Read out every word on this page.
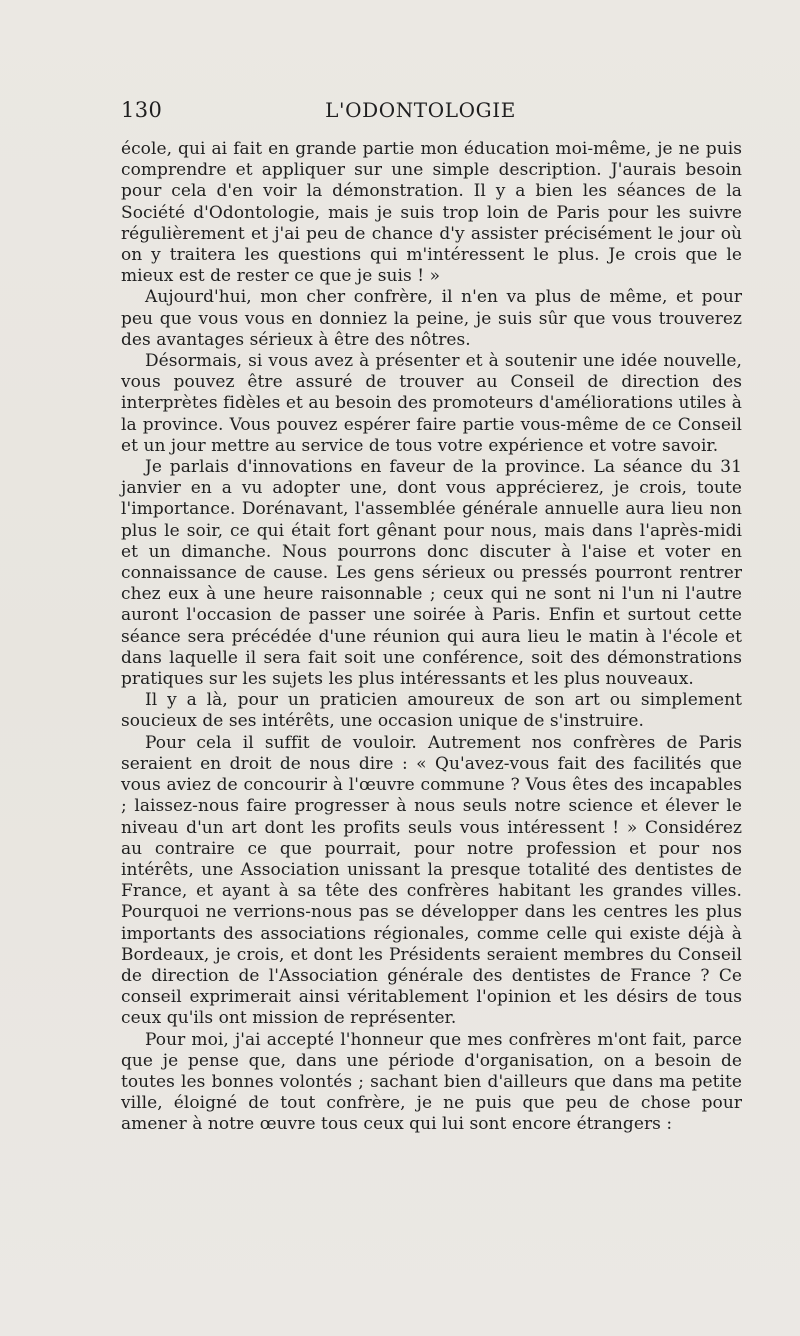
130	L'ODONTOLOGIE

école, qui ai fait en grande partie mon éducation moi-même, je ne puis comprendre et appliquer sur une simple description. J'aurais besoin pour cela d'en voir la démonstration. Il y a bien les séances de la Société d'Odontologie, mais je suis trop loin de Paris pour les suivre régulièrement et j'ai peu de chance d'y assister précisément le jour où on y traitera les questions qui m'intéressent le plus. Je crois que le mieux est de rester ce que je suis ! »

Aujourd'hui, mon cher confrère, il n'en va plus de même, et pour peu que vous vous en donniez la peine, je suis sûr que vous trouverez des avantages sérieux à être des nôtres.

Désormais, si vous avez à présenter et à soutenir une idée nouvelle, vous pouvez être assuré de trouver au Conseil de direction des interprètes fidèles et au besoin des promoteurs d'améliorations utiles à la province. Vous pouvez espérer faire partie vous-même de ce Conseil et un jour mettre au service de tous votre expérience et votre savoir.

Je parlais d'innovations en faveur de la province. La séance du 31 janvier en a vu adopter une, dont vous apprécierez, je crois, toute l'importance. Dorénavant, l'assemblée générale annuelle aura lieu non plus le soir, ce qui était fort gênant pour nous, mais dans l'après-midi et un dimanche. Nous pourrons donc discuter à l'aise et voter en connaissance de cause. Les gens sérieux ou pressés pourront rentrer chez eux à une heure raisonnable ; ceux qui ne sont ni l'un ni l'autre auront l'occasion de passer une soirée à Paris. Enfin et surtout cette séance sera précédée d'une réunion qui aura lieu le matin à l'école et dans laquelle il sera fait soit une conférence, soit des démonstrations pratiques sur les sujets les plus intéressants et les plus nouveaux.

Il y a là, pour un praticien amoureux de son art ou simplement soucieux de ses intérêts, une occasion unique de s'instruire.

Pour cela il suffit de vouloir. Autrement nos confrères de Paris seraient en droit de nous dire : « Qu'avez-vous fait des facilités que vous aviez de concourir à l'œuvre commune ? Vous êtes des incapables ; laissez-nous faire progresser à nous seuls notre science et élever le niveau d'un art dont les profits seuls vous intéressent ! » Considérez au contraire ce que pourrait, pour notre profession et pour nos intérêts, une Association unissant la presque totalité des dentistes de France, et ayant à sa tête des confrères habitant les grandes villes. Pourquoi ne verrions-nous pas se développer dans les centres les plus importants des associations régionales, comme celle qui existe déjà à Bordeaux, je crois, et dont les Présidents seraient membres du Conseil de direction de l'Association générale des dentistes de France ? Ce conseil exprimerait ainsi véritablement l'opinion et les désirs de tous ceux qu'ils ont mission de représenter.

Pour moi, j'ai accepté l'honneur que mes confrères m'ont fait, parce que je pense que, dans une période d'organisation, on a besoin de toutes les bonnes volontés ; sachant bien d'ailleurs que dans ma petite ville, éloigné de tout confrère, je ne puis que peu de chose pour amener à notre œuvre tous ceux qui lui sont encore étrangers :
